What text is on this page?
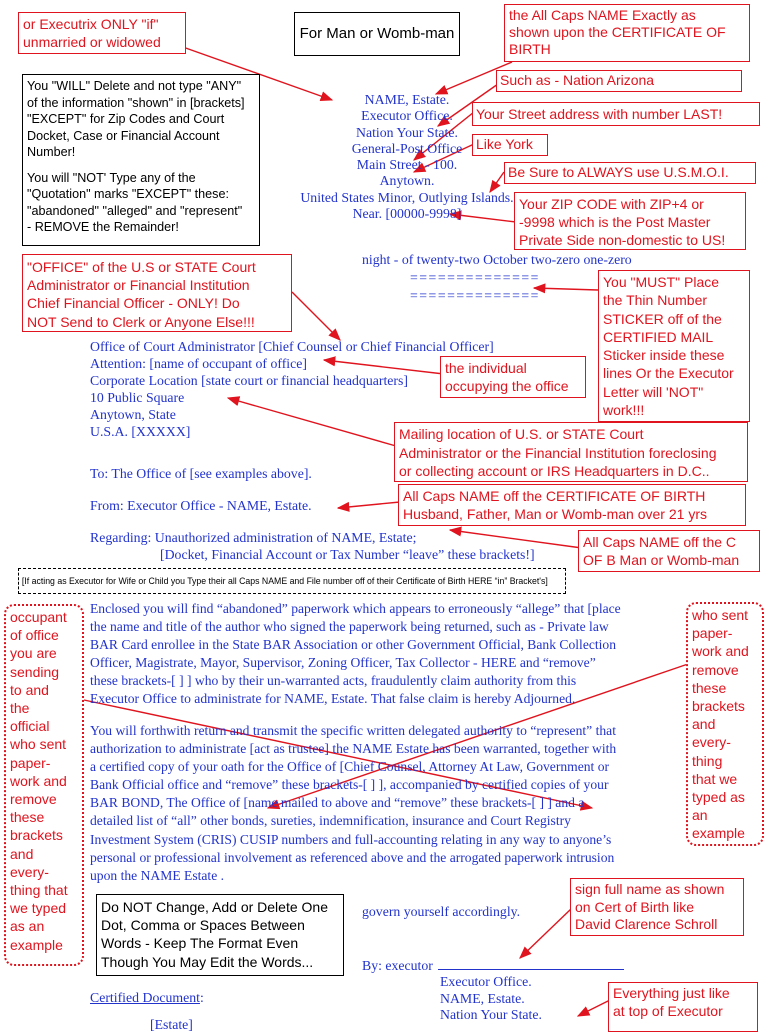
For Man or Womb-man
NAME, Estate.
Executor Office.
Nation Your State.
General-Post Office
Main Street - 100.
Anytown.
United States Minor, Outlying Islands.
Near. [00000-9998]
night - of twenty-two October two-zero one-zero
==============
==============
Office of Court Administrator [Chief Counsel or Chief Financial Officer]
Attention: [name of occupant of office]
Corporate Location [state court or financial headquarters]
10 Public Square
Anytown, State
U.S.A. [XXXXX]
To: The Office of [see examples above].
From: Executor Office - NAME, Estate.
Regarding: Unauthorized administration of NAME, Estate;
[Docket, Financial Account or Tax Number “leave” these brackets!]
[If acting as Executor for Wife or Child you Type their all Caps NAME and File number off of their Certificate of Birth HERE “in” Bracket's]
Enclosed you will find “abandoned” paperwork which appears to erroneously “allege” that [place
the name and title of the author who signed the paperwork being returned, such as - Private law
BAR Card enrollee in the State BAR Association or other Government Official, Bank Collection
Officer, Magistrate, Mayor, Supervisor, Zoning Officer, Tax Collector - HERE and “remove”
these brackets-[ ] ] who by their un-warranted acts, fraudulently claim authority from this
Executor Office to administrate for NAME, Estate. That false claim is hereby Adjourned.
You will forthwith return and transmit the specific written delegated authority to “represent” that
authorization to administrate [act as trustee] the NAME Estate has been warranted, together with
a certified copy of your oath for the Office of [Chief Counsel, Attorney At Law, Government or
Bank Official office and “remove” these brackets-[ ] ], accompanied by certified copies of your
BAR BOND, The Office of [name mailed to above and “remove” these brackets-[ ] ] and a
detailed list of “all” other bonds, sureties, indemnification, insurance and Court Registry
Investment System (CRIS) CUSIP numbers and full-accounting relating in any way to anyone’s
personal or professional involvement as referenced above and the arrogated paperwork intrusion
upon the NAME Estate .
govern yourself accordingly.
By: executor
Executor Office.
NAME, Estate.
Nation Your State.
Certified Document:
[Estate]
You "WILL" Delete and not type "ANY"
of the information "shown" in [brackets]
"EXCEPT" for Zip Codes and Court
Docket, Case or Financial Account
Number!
You will "NOT' Type any of the
"Quotation" marks "EXCEPT" these:
"abandoned" "alleged" and "represent"
- REMOVE the Remainder!
Do NOT Change, Add or Delete One
Dot, Comma or Spaces Between
Words - Keep The Format Even
Though You May Edit the Words...
or Executrix ONLY "if"
unmarried or widowed
the All Caps NAME Exactly as
shown upon the CERTIFICATE OF
BIRTH
Such as - Nation Arizona
Your Street address with number LAST!
Like York
Be Sure to ALWAYS use U.S.M.O.I.
Your ZIP CODE with ZIP+4 or
-9998 which is the Post Master
Private Side non-domestic to US!
"OFFICE" of the U.S or STATE Court
Administrator or Financial Institution
Chief Financial Officer - ONLY! Do
NOT Send to Clerk or Anyone Else!!!
You "MUST" Place
the Thin Number
STICKER off of the
CERTIFIED MAIL
Sticker inside these
lines Or the Executor
Letter will 'NOT"
work!!!
the individual
occupying the office
Mailing location of U.S. or STATE Court
Administrator or the Financial Institution foreclosing
or collecting account or IRS Headquarters in D.C..
All Caps NAME off the CERTIFICATE OF BIRTH
Husband, Father, Man or Womb-man over 21 yrs
All Caps NAME off the C
OF B Man or Womb-man
sign full name as shown
on Cert of Birth like
David Clarence Schroll
Everything just like
at top of Executor
occupant
of office
you are
sending
to and
the
official
who sent
paper-
work and
remove
these
brackets
and
every-
thing that
we typed
as an
example
who sent
paper-
work and
remove
these
brackets
and
every-
thing
that we
typed as
an
example
